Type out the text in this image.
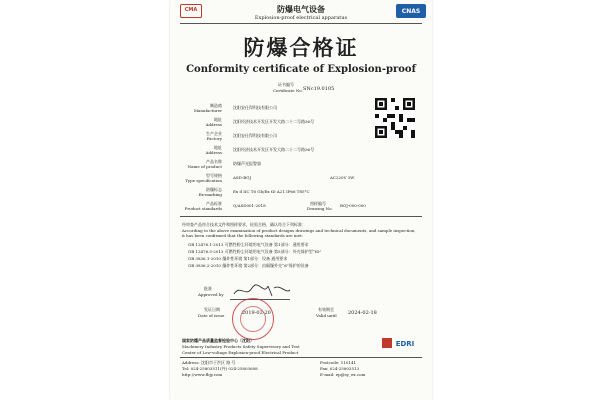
CMA	CNAS
防爆电气设备
Explosion-proof electrical apparatus
防爆合格证
Conformity certificate of Explosion-proof
证书编号
Certificate No. SNc19.0105
制造商
Manufacturer
沈阳安仕得科技有限公司
地址
Address
沈阳经济技术开发区开发大路二十二号路36号
生产企业
Factory
沈阳安仕得科技有限公司
地址
Address
沈阳经济技术开发区开发大路二十二号路36号
产品名称
Name of product
防爆声光报警器
型号规格
Type specification
ASD-BGJ	AC220V 3W
防爆标志
Ex-marking
Ex d IIC T6 Gb/Ex tD A21 IP66 T85°C
产品标准
Product standards
Q/ASD001-2018	图样编号
Drawing No.
BGJ-000-000
经审查产品符合技术文件和图样要求，检验合格，确认符合下列标准：
According to the above examination of product designs drawings and technical documents, and sample inspection, it has been confirmed that the following standards are met:
GB 12476.1-2013 可燃性粉尘环境用电气设备 第1部分：通用要求
GB 12476.5-2013 可燃性粉尘环境用电气设备 第5部分：外壳保护型“tD”
GB 3836.1-2010 爆炸性环境 第1部分：设备 通用要求
GB 3836.2-2010 爆炸性环境 第2部分：由隔爆外壳“d”保护的设备
批准
Approved by
发证日期
Date of issue	2019-02-20
有效期至
Valid until 2024-02-18
国家防爆产品质量监督检验中心（沈阳）
Machinery Industry Products Safety Supervisory and Test
Center of Low-voltage Explosion-proof Electrical Product
EDRI
Address: 沈阳市于洪区 路 号	Postcode: 110141
Tel: 024-25803511(外) 024-25803608	Fax: 024-25803513
http://www.fbjy.com	E-mail: ep@sy_ex.com
